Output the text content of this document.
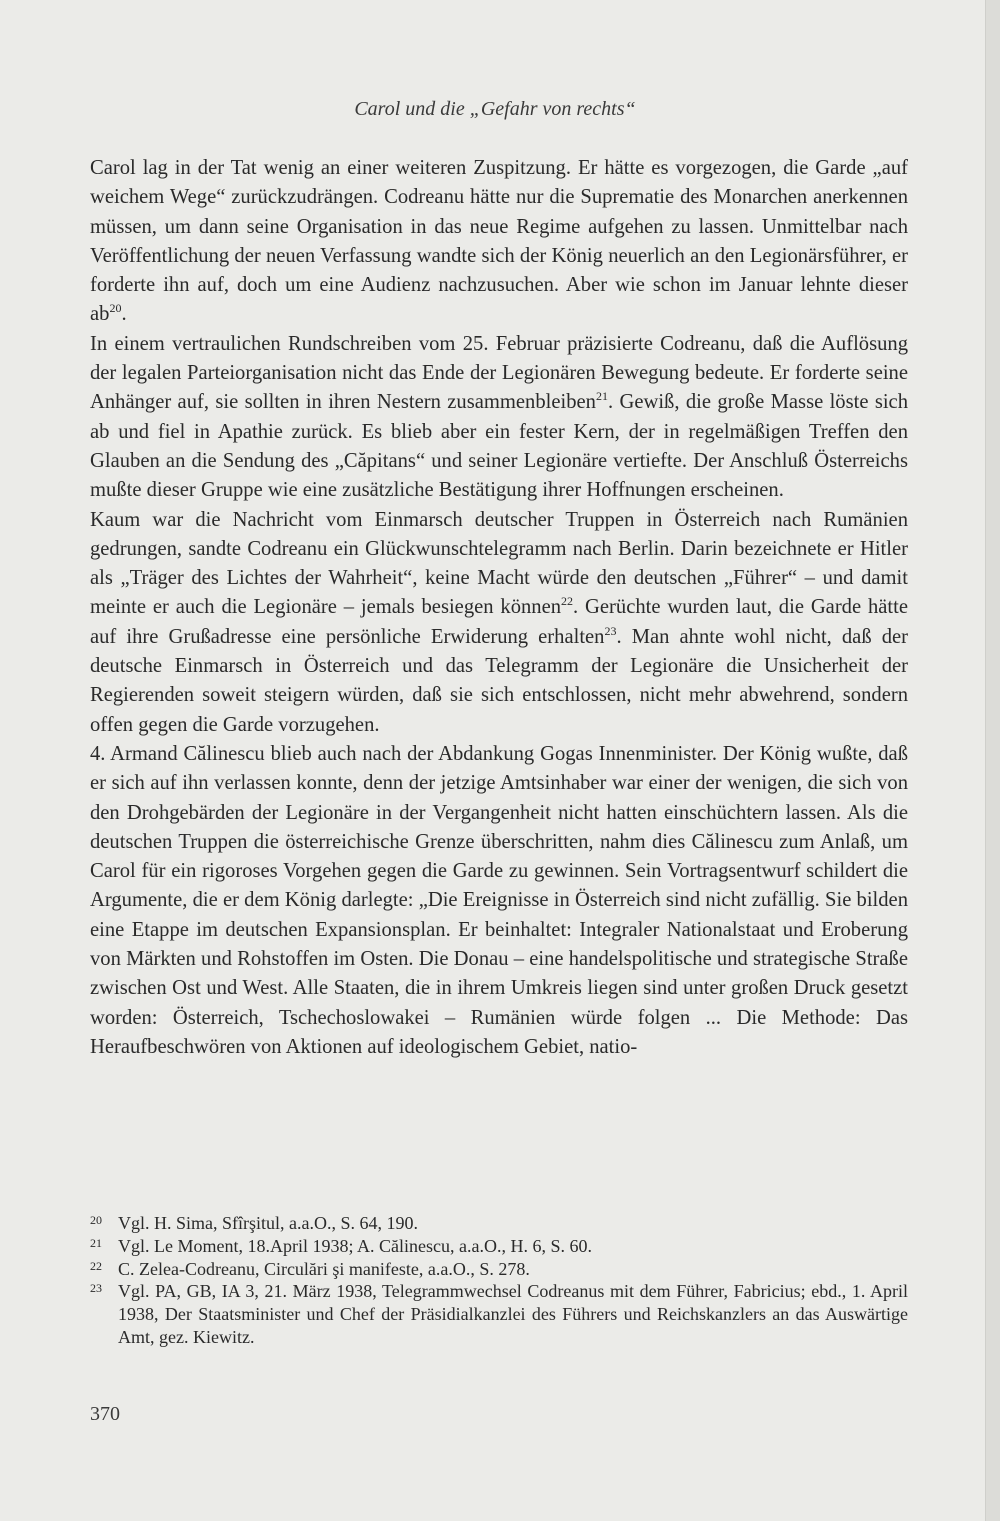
Carol und die „Gefahr von rechts“

Carol lag in der Tat wenig an einer weiteren Zuspitzung. Er hätte es vorgezogen, die Garde „auf weichem Wege“ zurückzudrängen. Codreanu hätte nur die Suprematie des Monarchen anerkennen müssen, um dann seine Organisation in das neue Regime aufgehen zu lassen. Unmittelbar nach Veröffentlichung der neuen Verfassung wandte sich der König neuerlich an den Legionärsführer, er forderte ihn auf, doch um eine Audienz nachzusuchen. Aber wie schon im Januar lehnte dieser $ab^{20}$.

In einem vertraulichen Rundschreiben vom 25. Februar präzisierte Codreanu, daß die Auflösung der legalen Parteiorganisation nicht das Ende der Legionären Bewegung bedeute. Er forderte seine Anhänger auf, sie sollten in ihren Nestern zusammenbleiben$^{21}$. Gewiß, die große Masse löste sich ab und fiel in Apathie zurück. Es blieb aber ein fester Kern, der in regelmäßigen Treffen den Glauben an die Sendung des „Căpitans“ und seiner Legionäre vertiefte. Der Anschluß Österreichs mußte dieser Gruppe wie eine zusätzliche Bestätigung ihrer Hoffnungen erscheinen.

Kaum war die Nachricht vom Einmarsch deutscher Truppen in Österreich nach Rumänien gedrungen, sandte Codreanu ein Glückwunschtelegramm nach Berlin. Darin bezeichnete er Hitler als „Träger des Lichtes der Wahrheit“, keine Macht würde den deutschen „Führer“ – und damit meinte er auch die Legionäre – jemals besiegen können$^{22}$. Gerüchte wurden laut, die Garde hätte auf ihre Grußadresse eine persönliche Erwiderung erhalten$^{23}$. Man ahnte wohl nicht, daß der deutsche Einmarsch in Österreich und das Telegramm der Legionäre die Unsicherheit der Regierenden soweit steigern würden, daß sie sich entschlossen, nicht mehr abwehrend, sondern offen gegen die Garde vorzugehen.

4. Armand Călinescu blieb auch nach der Abdankung Gogas Innenminister. Der König wußte, daß er sich auf ihn verlassen konnte, denn der jetzige Amtsinhaber war einer der wenigen, die sich von den Drohgebärden der Legionäre in der Vergangenheit nicht hatten einschüchtern lassen. Als die deutschen Truppen die österreichische Grenze überschritten, nahm dies Călinescu zum Anlaß, um Carol für ein rigoroses Vorgehen gegen die Garde zu gewinnen. Sein Vortragsentwurf schildert die Argumente, die er dem König darlegte: „Die Ereignisse in Österreich sind nicht zufällig. Sie bilden eine Etappe im deutschen Expansionsplan. Er beinhaltet: Integraler Nationalstaat und Eroberung von Märkten und Rohstoffen im Osten. Die Donau – eine handelspolitische und strategische Straße zwischen Ost und West. Alle Staaten, die in ihrem Umkreis liegen sind unter großen Druck gesetzt worden: Österreich, Tschechoslowakei – Rumänien würde folgen ... Die Methode: Das Heraufbeschwören von Aktionen auf ideologischem Gebiet, natio-

20 Vgl. H. Sima, Sfîrşitul, a.a.O., S. 64, 190.
21 Vgl. Le Moment, 18.April 1938; A. Călinescu, a.a.O., H. 6, S. 60.
22 C. Zelea-Codreanu, Circulări şi manifeste, a.a.O., S. 278.
23 Vgl. PA, GB, IA 3, 21. März 1938, Telegrammwechsel Codreanus mit dem Führer, Fabricius; ebd., 1. April 1938, Der Staatsminister und Chef der Präsidialkanzlei des Führers und Reichskanzlers an das Auswärtige Amt, gez. Kiewitz.
370
